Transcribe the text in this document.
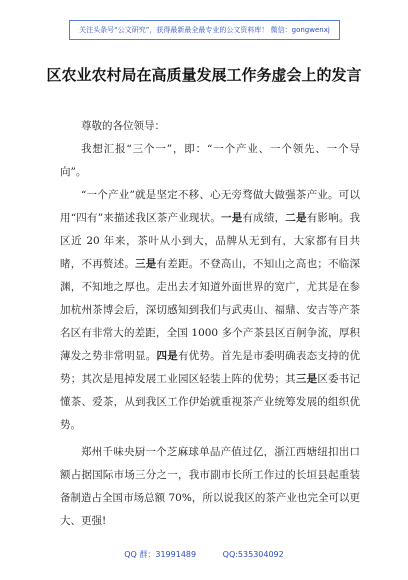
关注头条号“公文研究”，获得最新最全最专业的公文资料库！ 微信：gongwenxj
区农业农村局在高质量发展工作务虚会上的发言

尊敬的各位领导：

我想汇报“三个一”，即：“一个产业、一个领先、一个导向”。

“一个产业”就是坚定不移、心无旁骛做大做强茶产业。可以用“四有”来描述我区茶产业现状。一是有成绩，二是有影响。我区近 20 年来，茶叶从小到大，品牌从无到有，大家都有目共睹，不再赘述。三是有差距。不登高山，不知山之高也；不临深渊，不知地之厚也。走出去才知道外面世界的宽广，尤其是在参加杭州茶博会后，深切感知到我们与武夷山、福鼎、安吉等产茶名区有非常大的差距，全国 1000 多个产茶县区百舸争流，厚积薄发之势非常明显。四是有优势。首先是市委明确表态支持的优势；其次是甩掉发展工业园区轻装上阵的优势；其三是区委书记懂茶、爱茶，从到我区工作伊始就重视茶产业统筹发展的组织优势。

郑州千味央厨一个芝麻球单品产值过亿，浙江西塘纽扣出口额占据国际市场三分之一，我市副市长所工作过的长垣县起重装备制造占全国市场总额 70%，所以说我区的茶产业也完全可以更大、更强!

QQ 群：31991489	QQ:535304092
